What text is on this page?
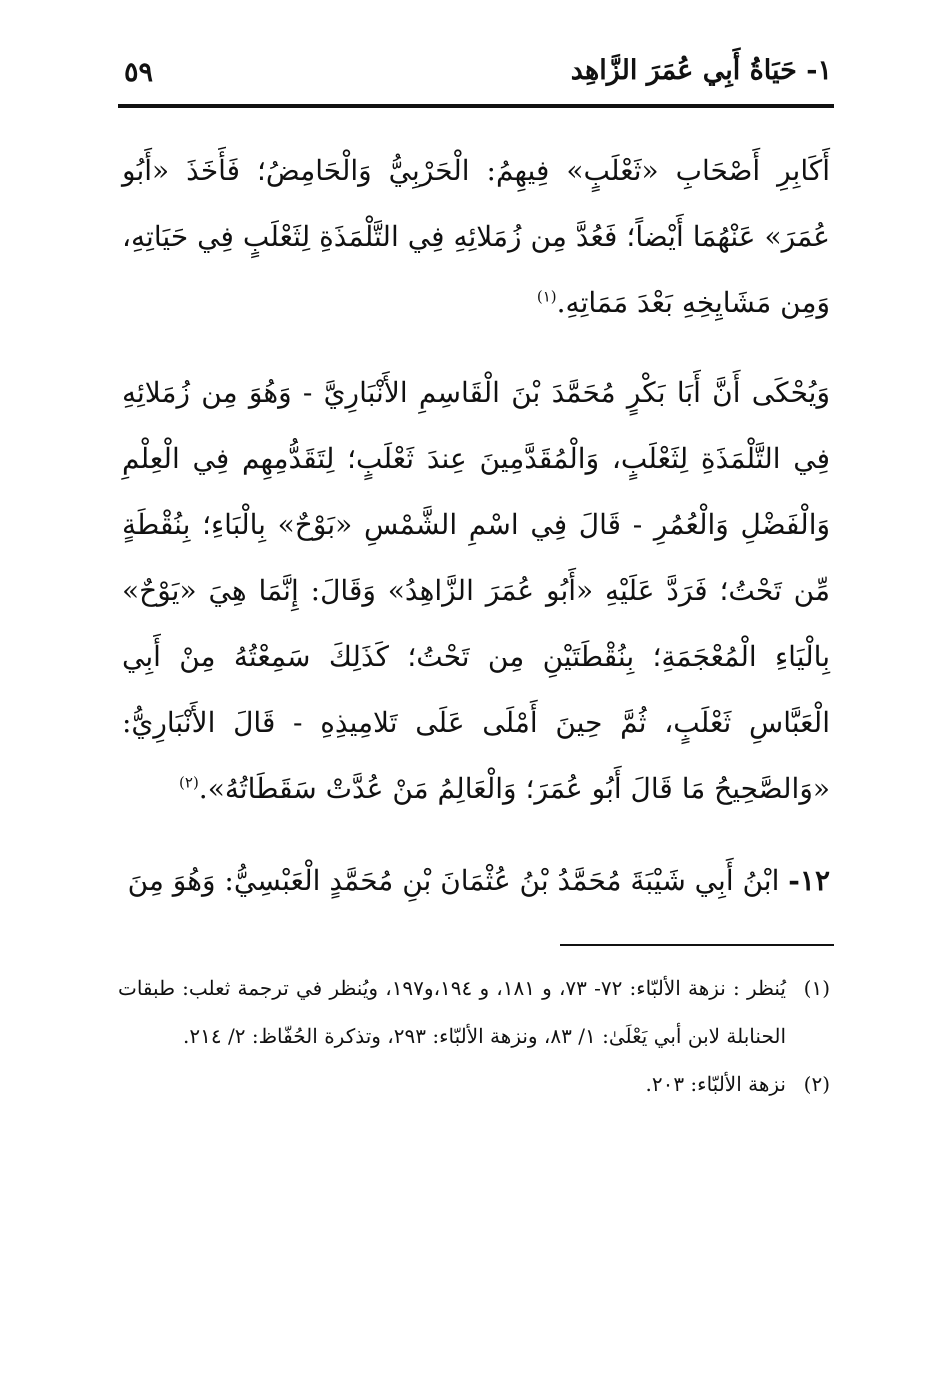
١- حَيَاةُ أَبِي عُمَرَ الزَّاهِد
٥٩

أَكَابِرِ أَصْحَابِ «ثَعْلَبٍ» فِيهِمُ: الْحَرْبِيُّ وَالْحَامِضُ؛ فَأَخَذَ «أَبُو عُمَرَ» عَنْهُمَا أَيْضاً؛ فَعُدَّ مِن زُمَلائِهِ فِي التَّلْمَذَةِ لِثَعْلَبٍ فِي حَيَاتِهِ، وَمِن مَشَايِخِهِ بَعْدَ مَمَاتِهِ.$^{(١)}$

وَيُحْكَى أَنَّ أَبَا بَكْرٍ مُحَمَّدَ بْنَ الْقَاسِمِ الأَنْبَارِيَّ - وَهُوَ مِن زُمَلائِهِ فِي التَّلْمَذَةِ لِثَعْلَبٍ، وَالْمُقَدَّمِينَ عِندَ ثَعْلَبٍ؛ لِتَقَدُّمِهِم فِي الْعِلْمِ وَالْفَضْلِ وَالْعُمُرِ - قَالَ فِي اسْمِ الشَّمْسِ «بَوْحٌ» بِالْبَاءِ؛ بِنُقْطَةٍ مِّن تَحْتُ؛ فَرَدَّ عَلَيْهِ «أَبُو عُمَرَ الزَّاهِدُ» وَقَالَ: إِنَّمَا هِيَ «يَوْحٌ» بِالْيَاءِ الْمُعْجَمَةِ؛ بِنُقْطَتَيْنِ مِن تَحْتُ؛ كَذَلِكَ سَمِعْتُهُ مِنْ أَبِي الْعَبَّاسِ ثَعْلَبٍ، ثُمَّ حِينَ أَمْلَى عَلَى تَلامِيذِهِ - قَالَ الأَنْبَارِيُّ: «وَالصَّحِيحُ مَا قَالَ أَبُو عُمَرَ؛ وَالْعَالِمُ مَنْ عُدَّتْ سَقَطَاتُهُ».$^{(٢)}$

١٢- ابْنُ أَبِي شَيْبَةَ مُحَمَّدُ بْنُ عُثْمَانَ بْنِ مُحَمَّدٍ الْعَبْسِيُّ: وَهُوَ مِنَ

(١)
يُنظر : نزهة الألبّاء: ٧٢- ٧٣، و ١٨١، و ١٩٤،و١٩٧، ويُنظر في ترجمة ثعلب: طبقات الحنابلة لابن أبي يَعْلَىٰ: ١/ ٨٣، ونزهة الألبّاء: ٢٩٣، وتذكرة الحُفّاظ: ٢/ ٢١٤.
(٢)
نزهة الألبّاء: ٢٠٣.
